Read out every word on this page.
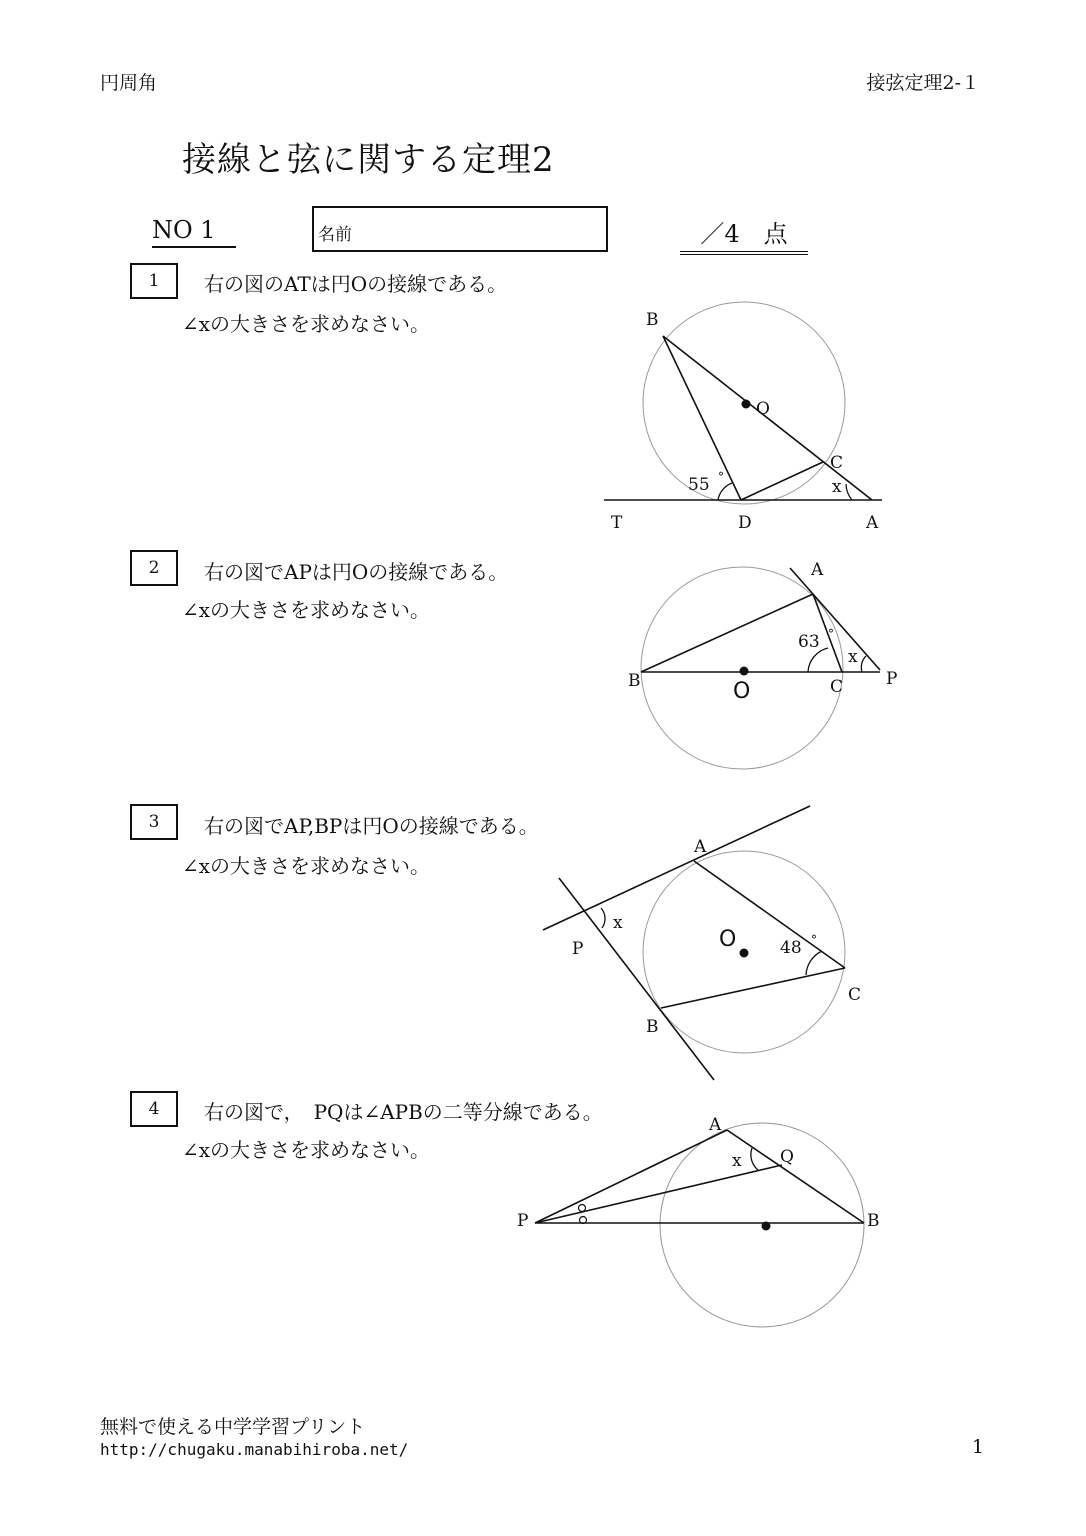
円周角	接弦定理2-１
接線と弦に関する定理2
NO 1	名前	／4　点
1	右の図のATは円Oの接線である。
∠xの大きさを求めなさい。
2	右の図でAPは円Oの接線である。
∠xの大きさを求めなさい。
3	右の図でAP,BPは円Oの接線である。
∠xの大きさを求めなさい。
4	右の図で，　PQは∠APBの二等分線である。
∠xの大きさを求めなさい。
B
O
C
x
55 °
T	D	A
A
63 °
x
B	O	C	P
A
x
P	O	48 °
C
B
A
x Q
P	B
無料で使える中学学習プリント
http://chugaku.manabihiroba.net/	1
